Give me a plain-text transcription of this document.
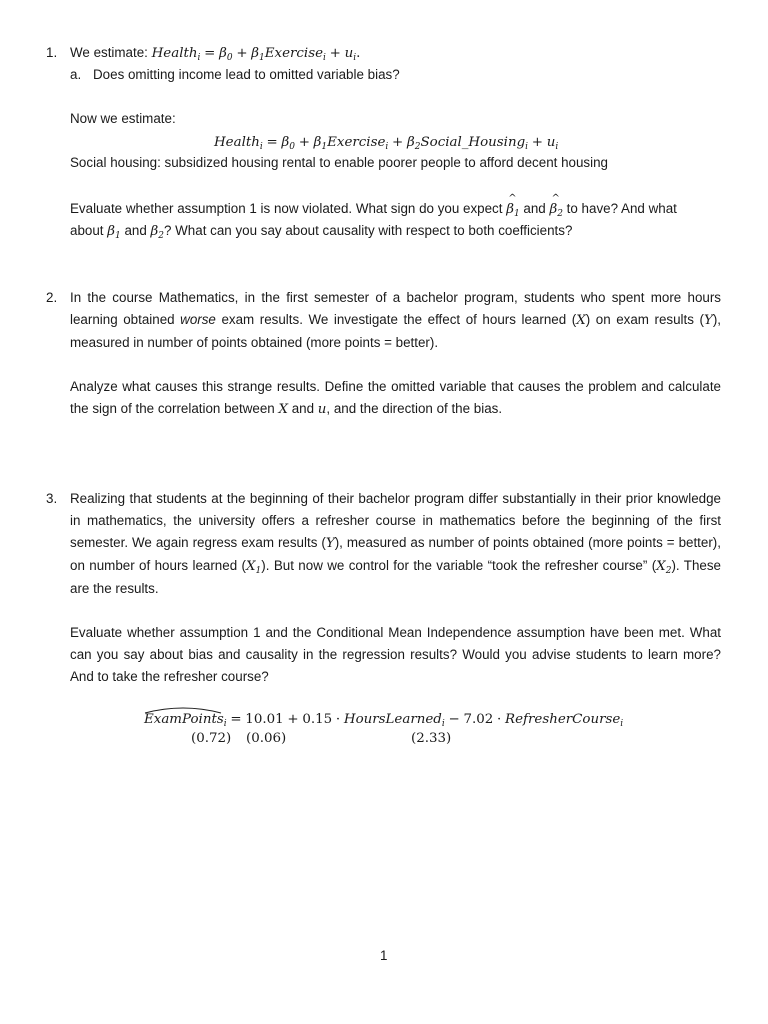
1. We estimate: Health$_i$ = $\beta_0$ + $\beta_1Exercise_i + u_i$.
a. Does omitting income lead to omitted variable bias?
Now we estimate:
Health$_i$ = $\beta_0$ + $\beta_1Exercise_i$ + $\beta_2Social\_Housing_i + u_i$
Social housing: subsidized housing rental to enable poorer people to afford decent housing
Evaluate whether assumption 1 is now violated. What sign do you expect ^ $\beta_1$ and ^ $\beta_2$ to have? And what
about $\beta_1$ and $\beta_2$? What can you say about causality with respect to both coefficients?
2. In the course Mathematics, in the first semester of a bachelor program, students who spent more hours learning obtained worse exam results. We investigate the effect of hours learned (X) on exam results (Y), measured in number of points obtained (more points = better).
Analyze what causes this strange results. Define the omitted variable that causes the problem and calculate the sign of the correlation between X and u, and the direction of the bias.
3. Realizing that students at the beginning of their bachelor program differ substantially in their prior knowledge in mathematics, the university offers a refresher course in mathematics before the beginning of the first semester. We again regress exam results (Y), measured as number of points obtained (more points = better), on number of hours learned $(X_1)$. But now we control for the variable “took the refresher course” $(X_2)$. These are the results.
Evaluate whether assumption 1 and the Conditional Mean Independence assumption have been met. What can you say about bias and causality in the regression results? Would you advise students to learn more? And to take the refresher course?
ExamPoints
$_i$ = 10.01 + 0.15 · HoursLearned$_i$ − 7.02 · RefresherCourse$_i$
(0.72) (0.06)	(2.33)
1
